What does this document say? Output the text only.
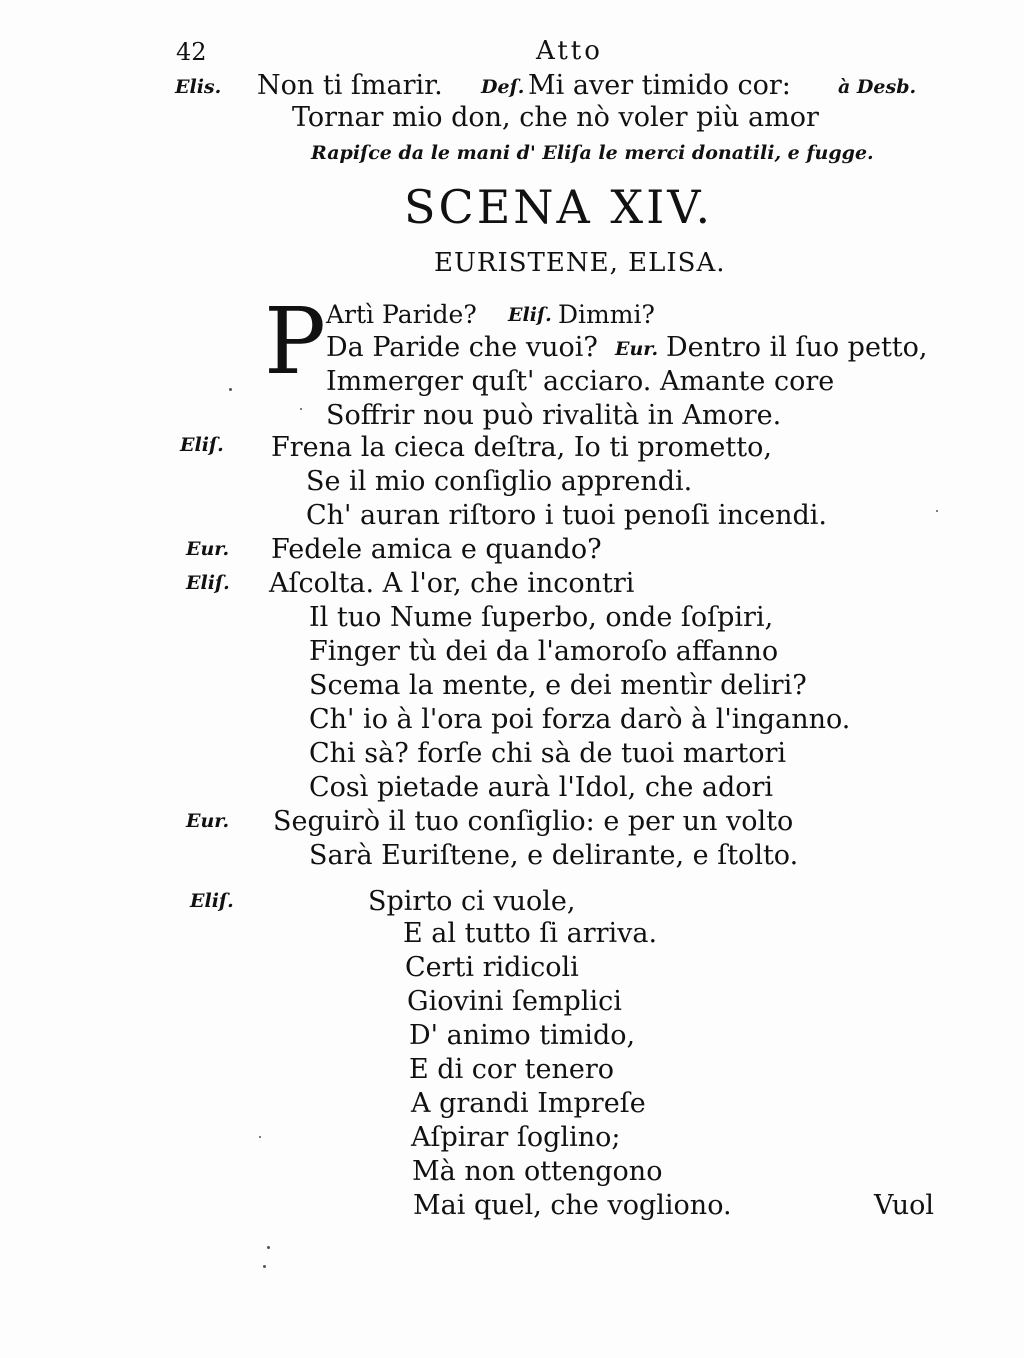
42	Atto
Elis. Non ti ſmarir. Deſ. Mi aver timido cor: à Desb.
Tornar mio don, che nò voler più amor
Rapiſce da le mani d' Eliſa le merci donatili, e fugge.
SCENA XIV.
EURISTENE, ELISA.
P Artì Paride? Eliſ. Dimmi?
Da Paride che vuoi? Eur. Dentro il ſuo petto,
Immerger quſt' acciaro. Amante core
Soffrir nou può rivalità in Amore.
Eliſ. Frena la cieca deſtra, Io ti prometto,
Se il mio conſiglio apprendi.
Ch' auran riſtoro i tuoi penoſi incendi.
Eur. Fedele amica e quando?
Eliſ. Aſcolta. A l'or, che incontri
Il tuo Nume ſuperbo, onde ſoſpiri,
Finger tù dei da l'amoroſo affanno
Scema la mente, e dei mentìr deliri?
Ch' io à l'ora poi forza darò à l'inganno.
Chi sà? forſe chi sà de tuoi martori
Così pietade aurà l'Idol, che adori
Eur. Seguirò il tuo conſiglio: e per un volto
Sarà Euriſtene, e delirante, e ſtolto.
Eliſ.	Spirto ci vuole,
E al tutto ſi arriva.
Certi ridicoli
Giovini ſemplici
D' animo timido,
E di cor tenero
A grandi Impreſe
Aſpirar ſoglino;
Mà non ottengono
Mai quel, che vogliono.	Vuol
